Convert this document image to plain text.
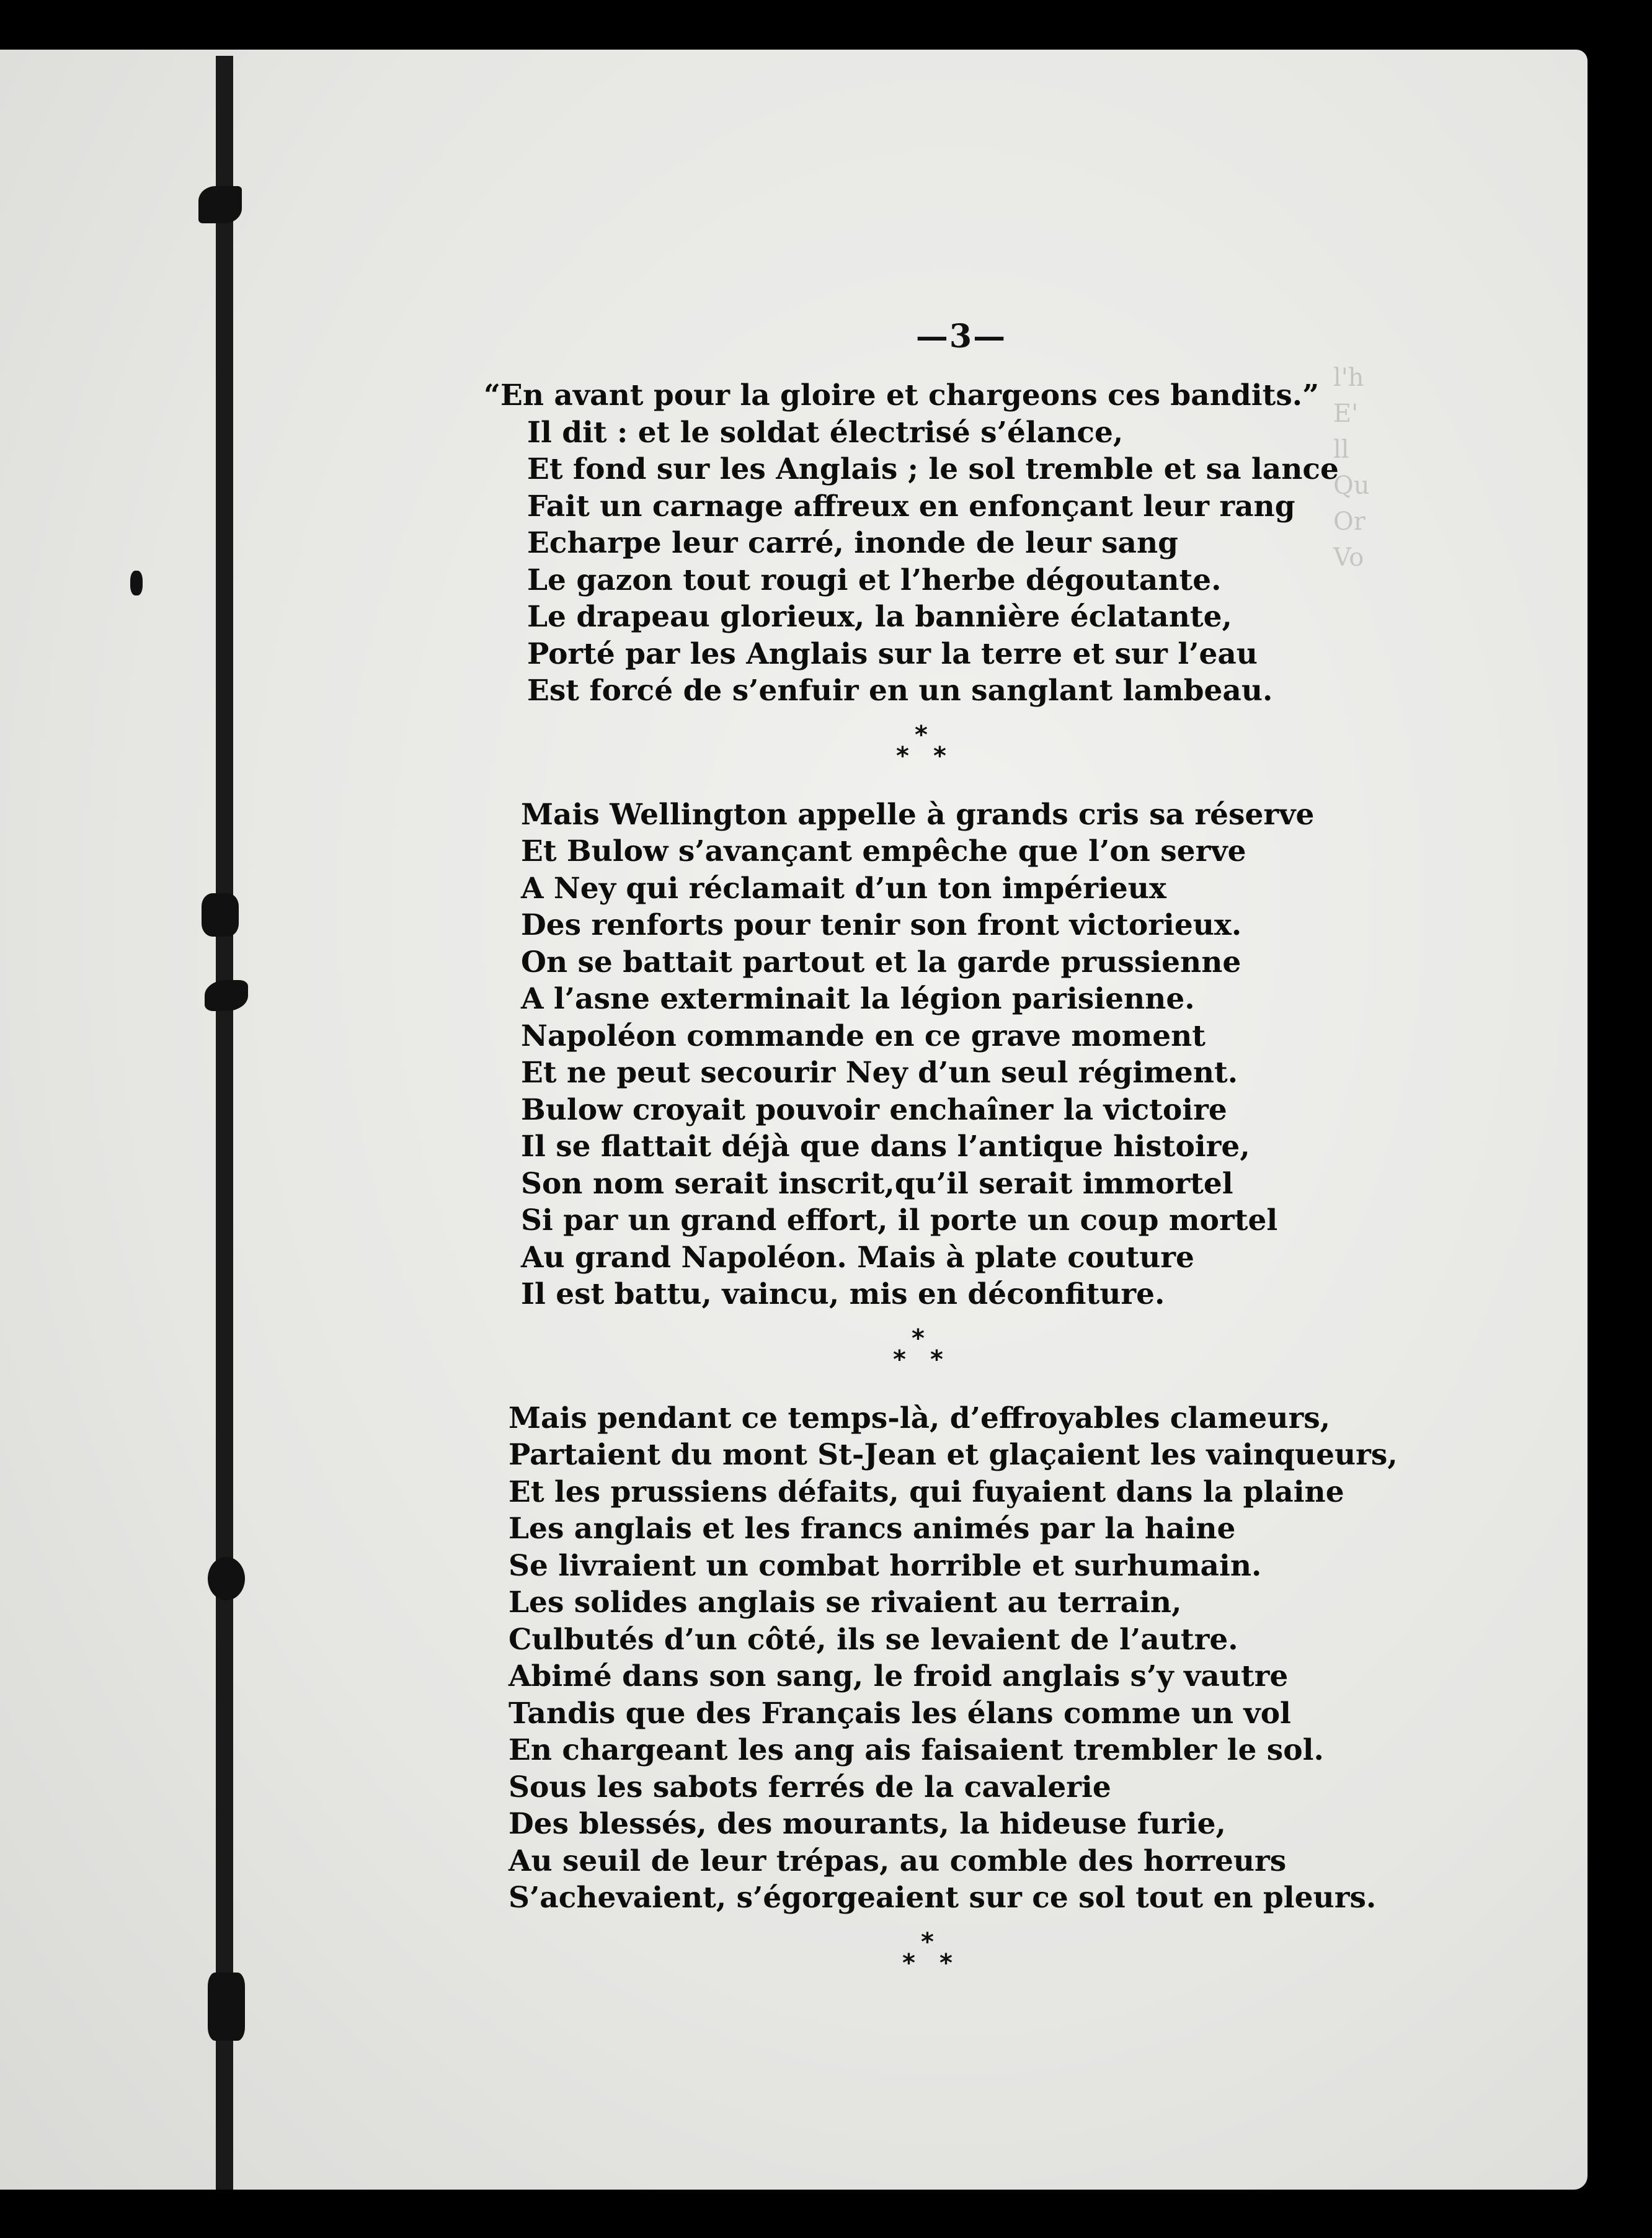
l'h
E'
ll
Qu
Or
Vo
—3—
“En avant pour la gloire et chargeons ces bandits.”
Il dit : et le soldat électrisé s’élance,
Et fond sur les Anglais ; le sol tremble et sa lance
Fait un carnage affreux en enfonçant leur rang
Echarpe leur carré, inonde de leur sang
Le gazon tout rougi et l’herbe dégoutante.
Le drapeau glorieux, la bannière éclatante,
Porté par les Anglais sur la terre et sur l’eau
Est forcé de s’enfuir en un sanglant lambeau.
*
* *
Mais Wellington appelle à grands cris sa réserve
Et Bulow s’avançant empêche que l’on serve
A Ney qui réclamait d’un ton impérieux
Des renforts pour tenir son front victorieux.
On se battait partout et la garde prussienne
A l’asne exterminait la légion parisienne.
Napoléon commande en ce grave moment
Et ne peut secourir Ney d’un seul régiment.
Bulow croyait pouvoir enchaîner la victoire
Il se flattait déjà que dans l’antique histoire,
Son nom serait inscrit,qu’il serait immortel
Si par un grand effort, il porte un coup mortel
Au grand Napoléon. Mais à plate couture
Il est battu, vaincu, mis en déconfiture.
*
* *
Mais pendant ce temps-là, d’effroyables clameurs,
Partaient du mont St-Jean et glaçaient les vainqueurs,
Et les prussiens défaits, qui fuyaient dans la plaine
Les anglais et les francs animés par la haine
Se livraient un combat horrible et surhumain.
Les solides anglais se rivaient au terrain,
Culbutés d’un côté, ils se levaient de l’autre.
Abimé dans son sang, le froid anglais s’y vautre
Tandis que des Français les élans comme un vol
En chargeant les ang ais faisaient trembler le sol.
Sous les sabots ferrés de la cavalerie
Des blessés, des mourants, la hideuse furie,
Au seuil de leur trépas, au comble des horreurs
S’achevaient, s’égorgeaient sur ce sol tout en pleurs.
*
* *
